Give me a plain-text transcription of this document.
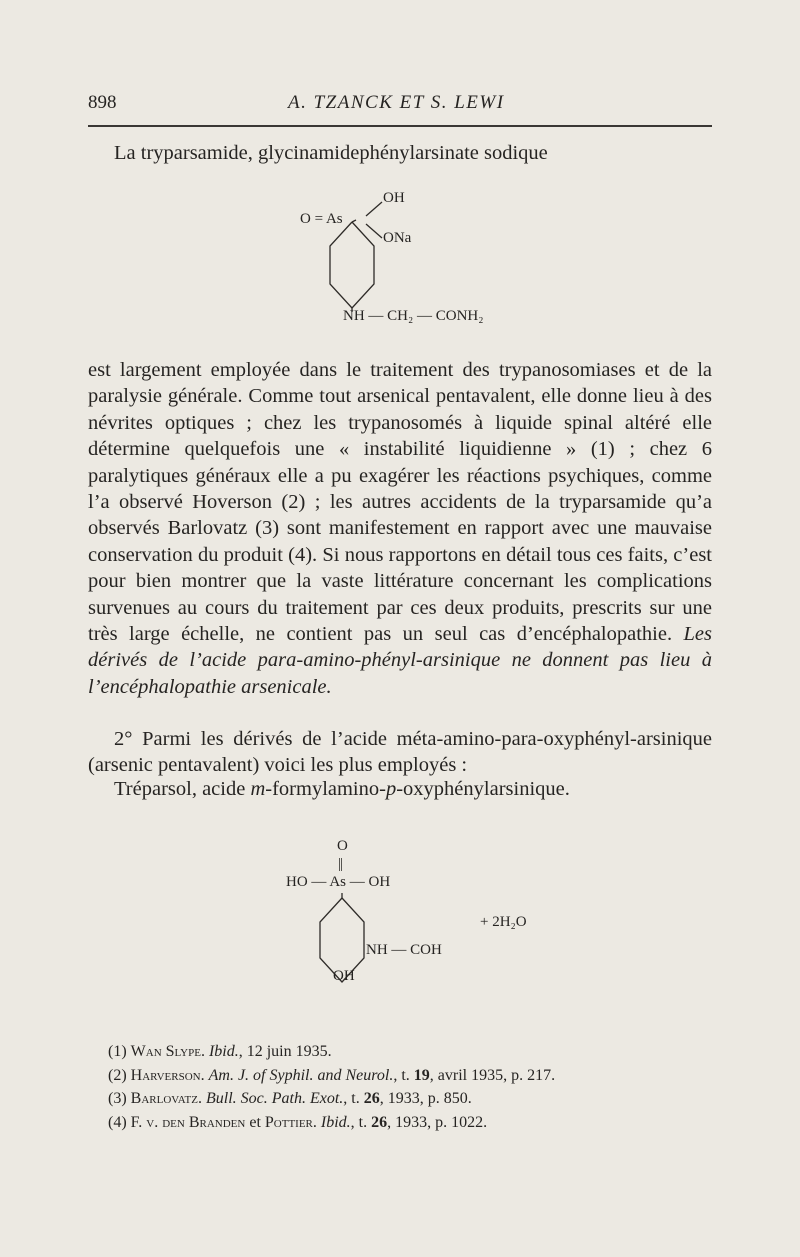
898	A. TZANCK ET S. LEWI
La tryparsamide, glycinamidephénylarsinate sodique
OH
O = As
ONa
NH — CH₂ — CONH₂
est largement employée dans le traitement des trypanosomiases et de la paralysie générale. Comme tout arsenical pentavalent, elle donne lieu à des névrites optiques ; chez les trypanosomés à liquide spinal altéré elle détermine quelquefois une « instabilité liquidienne » (1) ; chez 6 paralytiques généraux elle a pu exagérer les réactions psychiques, comme l’a observé Hoverson (2) ; les autres accidents de la tryparsamide qu’a observés Barlovatz (3) sont manifestement en rapport avec une mauvaise conservation du produit (4). Si nous rapportons en détail tous ces faits, c’est pour bien montrer que la vaste littérature concernant les complications survenues au cours du traitement par ces deux produits, prescrits sur une très large échelle, ne contient pas un seul cas d’encéphalopathie. Les dérivés de l’acide para-amino-phényl-arsinique ne donnent pas lieu à l’encéphalopathie arsenicale.
2° Parmi les dérivés de l’acide méta-amino-para-oxyphényl-arsinique (arsenic pentavalent) voici les plus employés :
Tréparsol, acide m-formylamino-p-oxyphénylarsinique.
O
||
HO — As — OH
+ 2H₂O
NH — COH
OH
(1) Wan Slype. Ibid., 12 juin 1935.
(2) Harverson. Am. J. of Syphil. and Neurol., t. 19, avril 1935, p. 217.
(3) Barlovatz. Bull. Soc. Path. Exot., t. 26, 1933, p. 850.
(4) F. v. den Branden et Pottier. Ibid., t. 26, 1933, p. 1022.
